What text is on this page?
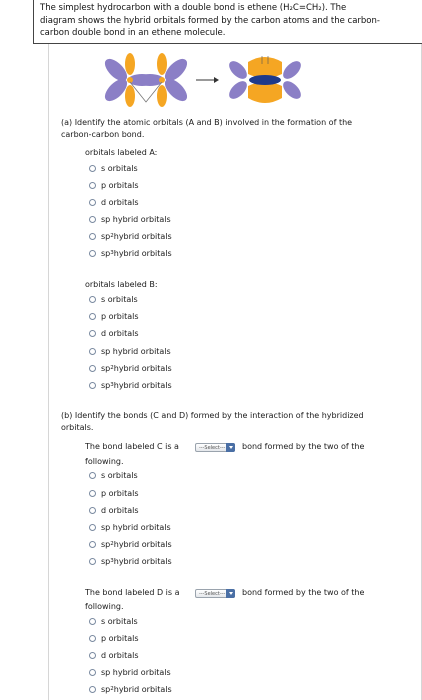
The simplest hydrocarbon with a double bond is ethene (H₂C=CH₂). The
diagram shows the hybrid orbitals formed by the carbon atoms and the carbon-
carbon double bond in an ethene molecule.
(a) Identify the atomic orbitals (A and B) involved in the formation of the
carbon-carbon bond.
orbitals labeled A:
s orbitals
p orbitals
d orbitals
sp hybrid orbitals
sp 2 hybrid orbitals
sp 3 hybrid orbitals
orbitals labeled B:
s orbitals
p orbitals
d orbitals
sp hybrid orbitals
sp 2 hybrid orbitals
sp 3 hybrid orbitals
(b) Identify the bonds (C and D) formed by the interaction of the hybridized
orbitals.
The bond labeled C is a	---Select--- bond formed by the two of the
following.
s orbitals
p orbitals
d orbitals
sp hybrid orbitals
sp 2 hybrid orbitals
sp 3 hybrid orbitals
The bond labeled D is a	---Select--- bond formed by the two of the
following.
s orbitals
p orbitals
d orbitals
sp hybrid orbitals
sp 2 hybrid orbitals
